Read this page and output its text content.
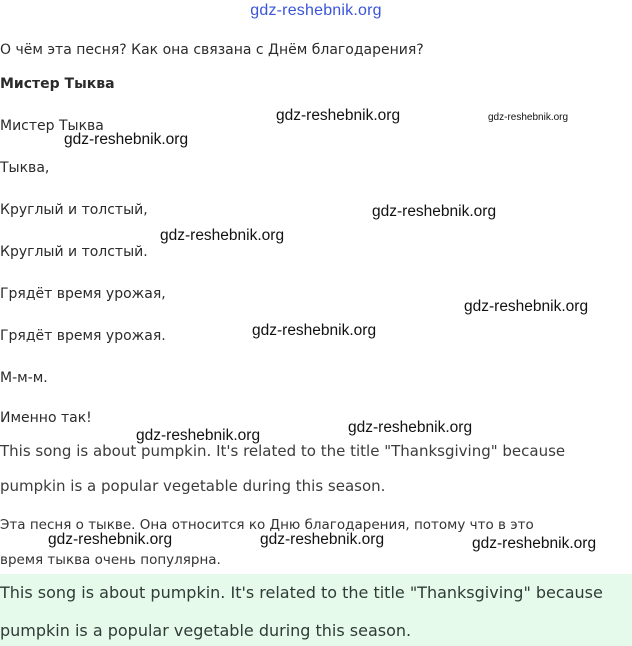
gdz-reshebnik.org
О чём эта песня? Как она связана с Днём благодарения?
Мистер Тыква
Мистер Тыква
Тыква,
Круглый и толстый,
Круглый и толстый.
Грядёт время урожая,
Грядёт время урожая.
М-м-м.
Именно так!
This song is about pumpkin. It's related to the title "Thanksgiving" because
pumpkin is a popular vegetable during this season.
Эта песня о тыкве. Она относится ко Дню благодарения, потому что в это
время тыква очень популярна.
This song is about pumpkin. It's related to the title "Thanksgiving" because
pumpkin is a popular vegetable during this season.
gdz-reshebnik.org	gdz-reshebnik.org
gdz-reshebnik.org
gdz-reshebnik.org
gdz-reshebnik.org
gdz-reshebnik.org
gdz-reshebnik.org
gdz-reshebnik.org
gdz-reshebnik.org
gdz-reshebnik.org	gdz-reshebnik.org	gdz-reshebnik.org
